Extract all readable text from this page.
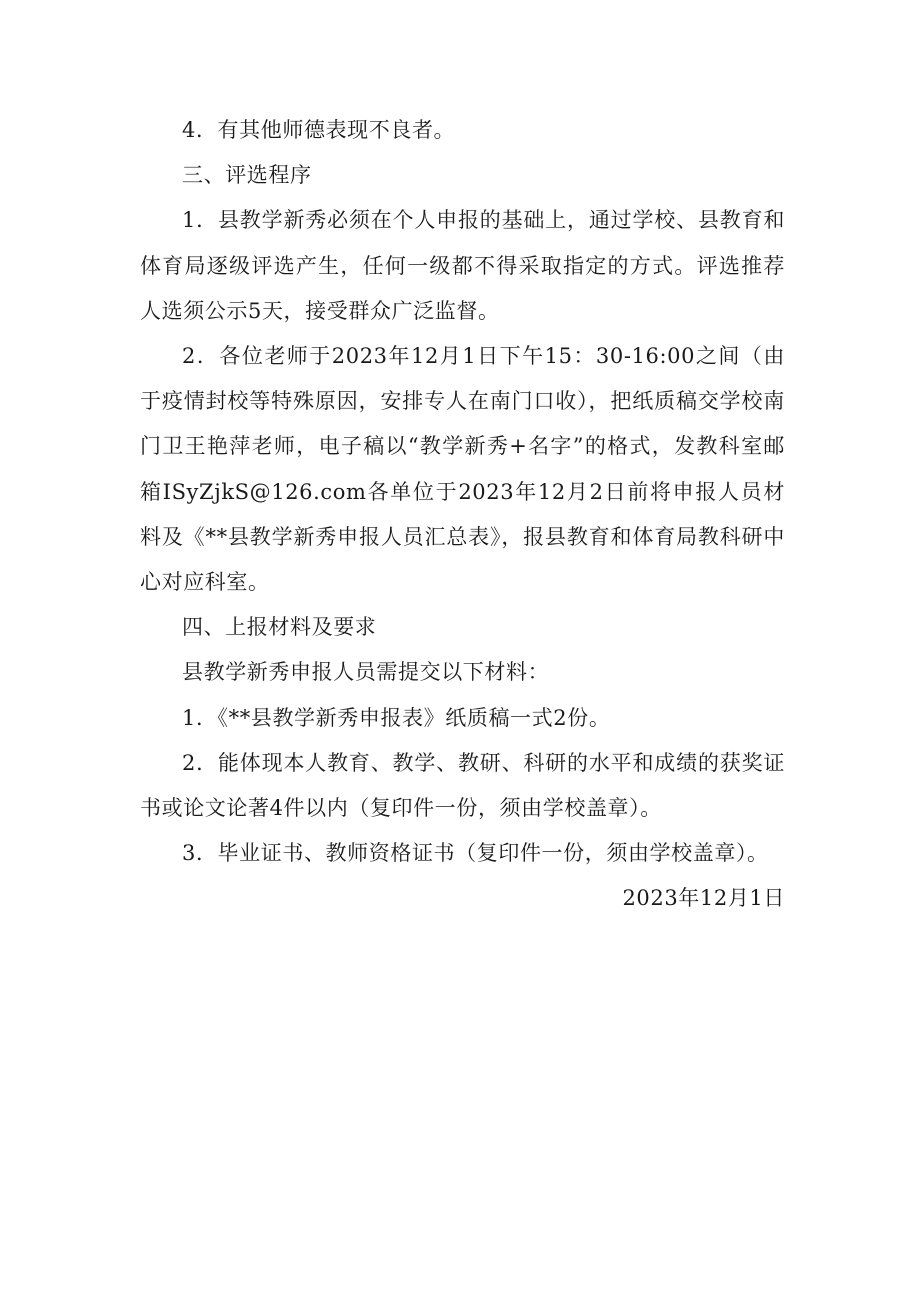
4．有其他师德表现不良者。

三、评选程序

1．县教学新秀必须在个人申报的基础上，通过学校、县教育和体育局逐级评选产生，任何一级都不得采取指定的方式。评选推荐人选须公示5天，接受群众广泛监督。

2．各位老师于2023年12月1日下午15：30-16:00之间（由于疫情封校等特殊原因，安排专人在南门口收），把纸质稿交学校南门卫王艳萍老师，电子稿以“教学新秀+名字”的格式，发教科室邮箱ISyZjkS@126.com各单位于2023年12月2日前将申报人员材料及《**县教学新秀申报人员汇总表》，报县教育和体育局教科研中心对应科室。

四、上报材料及要求

县教学新秀申报人员需提交以下材料：

1．《**县教学新秀申报表》纸质稿一式2份。

2．能体现本人教育、教学、教研、科研的水平和成绩的获奖证书或论文论著4件以内（复印件一份，须由学校盖章）。

3．毕业证书、教师资格证书（复印件一份，须由学校盖章）。

2023年12月1日
